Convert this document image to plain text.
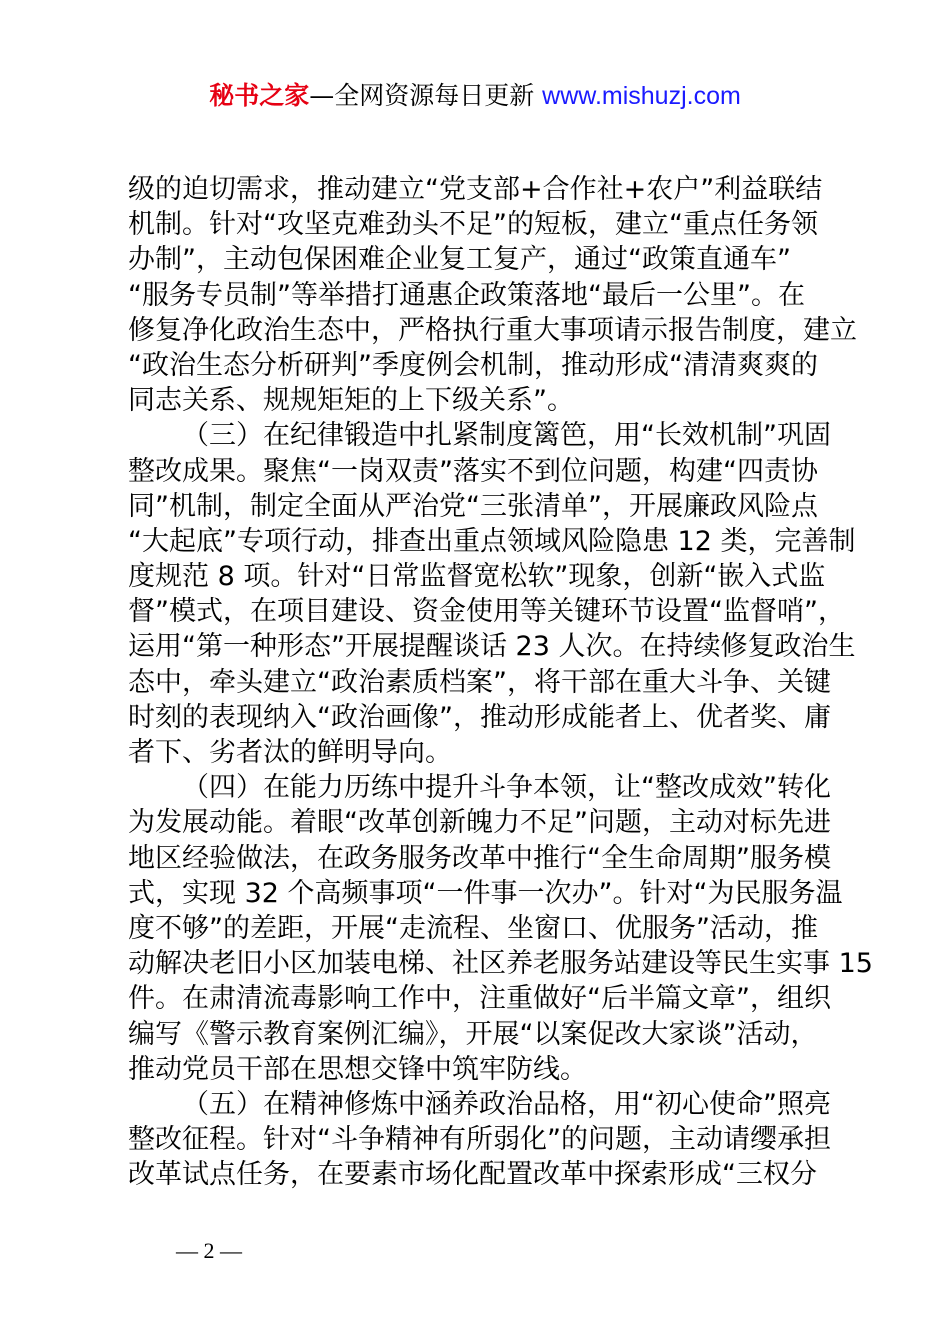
秘书之家—全网资源每日更新 www.mishuzj.com
级的迫切需求，推动建立“党支部+合作社+农户”利益联结
机制。针对“攻坚克难劲头不足”的短板，建立“重点任务领
办制”，主动包保困难企业复工复产，通过“政策直通车”
“服务专员制”等举措打通惠企政策落地“最后一公里”。在
修复净化政治生态中，严格执行重大事项请示报告制度，建立
“政治生态分析研判”季度例会机制，推动形成“清清爽爽的
同志关系、规规矩矩的上下级关系”。
（三）在纪律锻造中扎紧制度篱笆，用“长效机制”巩固
整改成果。聚焦“一岗双责”落实不到位问题，构建“四责协
同”机制，制定全面从严治党“三张清单”，开展廉政风险点
“大起底”专项行动，排查出重点领域风险隐患 12 类，完善制
度规范 8 项。针对“日常监督宽松软”现象，创新“嵌入式监
督”模式，在项目建设、资金使用等关键环节设置“监督哨”，
运用“第一种形态”开展提醒谈话 23 人次。在持续修复政治生
态中，牵头建立“政治素质档案”，将干部在重大斗争、关键
时刻的表现纳入“政治画像”，推动形成能者上、优者奖、庸
者下、劣者汰的鲜明导向。
（四）在能力历练中提升斗争本领，让“整改成效”转化
为发展动能。着眼“改革创新魄力不足”问题，主动对标先进
地区经验做法，在政务服务改革中推行“全生命周期”服务模
式，实现 32 个高频事项“一件事一次办”。针对“为民服务温
度不够”的差距，开展“走流程、坐窗口、优服务”活动，推
动解决老旧小区加装电梯、社区养老服务站建设等民生实事 15
件。在肃清流毒影响工作中，注重做好“后半篇文章”，组织
编写《警示教育案例汇编》，开展“以案促改大家谈”活动，
推动党员干部在思想交锋中筑牢防线。
（五）在精神修炼中涵养政治品格，用“初心使命”照亮
整改征程。针对“斗争精神有所弱化”的问题，主动请缨承担
改革试点任务，在要素市场化配置改革中探索形成“三权分
— 2 —
